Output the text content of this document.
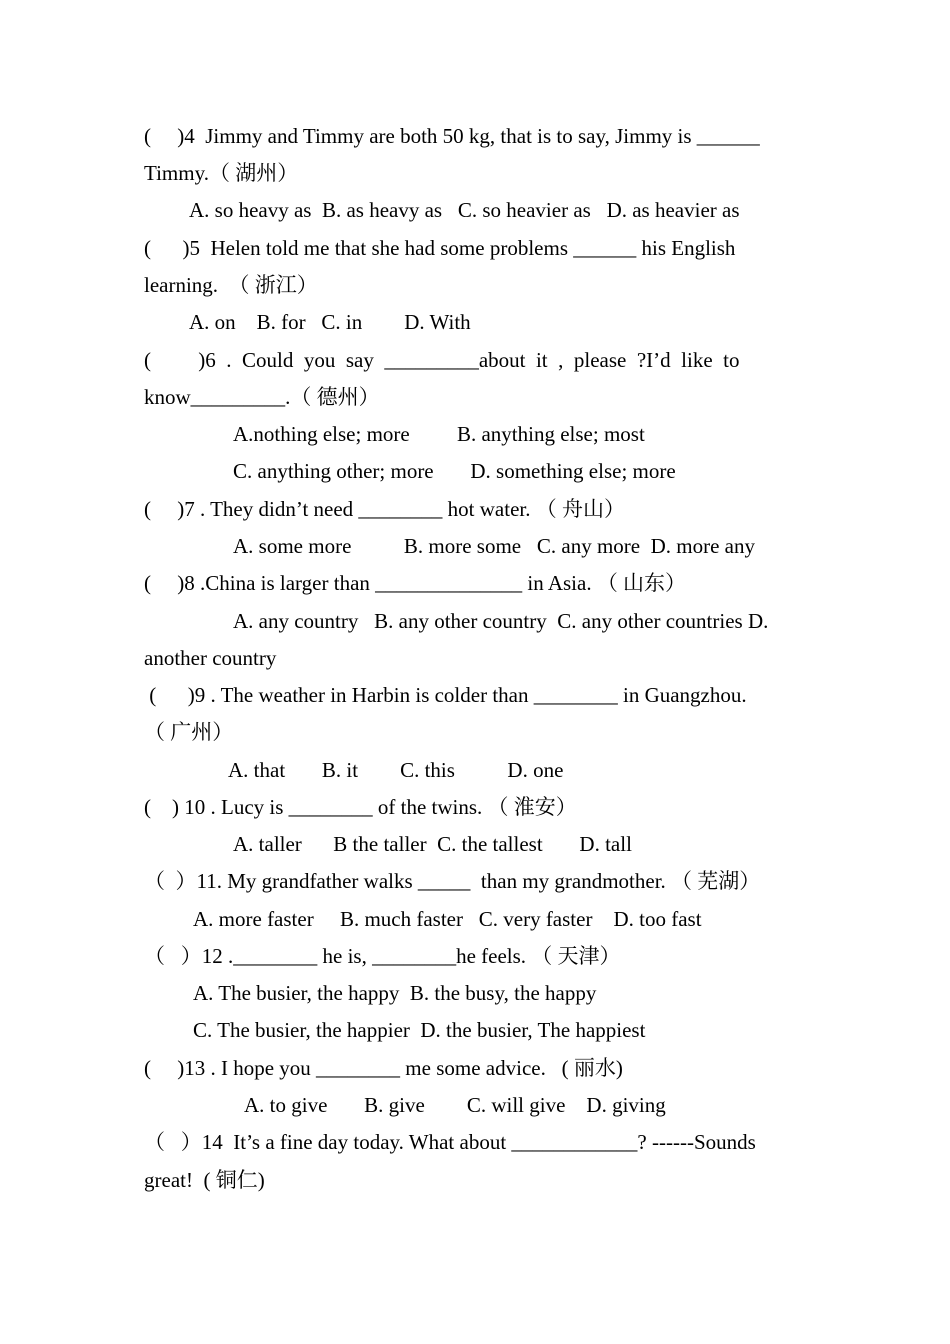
(     )4  Jimmy and Timmy are both 50 kg, that is to say, Jimmy is ______
Timmy.（ 湖州）
A. so heavy as  B. as heavy as   C. so heavier as   D. as heavier as
(      )5  Helen told me that she had some problems ______ his English
learning.  （ 浙江）
A. on    B. for   C. in        D. With
(         )6  .  Could  you  say  _________about  it  ,  please  ?I’d  like  to
know_________.（ 德州）
A.nothing else; more         B. anything else; most
C. anything other; more       D. something else; more
(     )7 . They didn’t need ________ hot water. （ 舟山）
A. some more          B. more some   C. any more  D. more any
(     )8 .China is larger than ______________ in Asia. （ 山东）
A. any country   B. any other country  C. any other countries D.
another country
(      )9 . The weather in Harbin is colder than ________ in Guangzhou.
（ 广州）
A. that       B. it        C. this          D. one
(    ) 10 . Lucy is ________ of the twins. （ 淮安）
A. taller      B the taller  C. the tallest       D. tall
（  ）11. My grandfather walks _____  than my grandmother. （ 芜湖）
A. more faster     B. much faster   C. very faster    D. too fast
（   ）12 .________ he is, ________he feels. （ 天津）
A. The busier, the happy  B. the busy, the happy
C. The busier, the happier  D. the busier, The happiest
(     )13 . I hope you ________ me some advice.   ( 丽水)
A. to give       B. give        C. will give    D. giving
（   ）14  It’s a fine day today. What about ____________? ------Sounds
great!  ( 铜仁)
